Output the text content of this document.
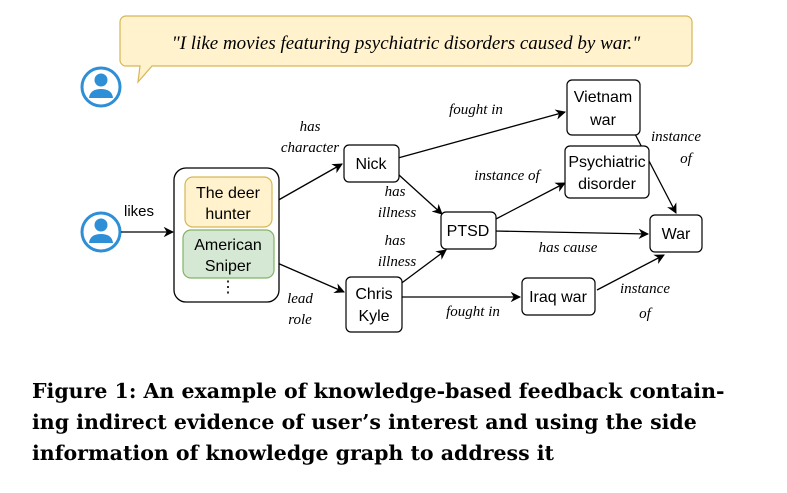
"I like movies featuring psychiatric disorders caused by war."
The deer
hunter
American
Sniper
⋮
Nick
Chris
Kyle
PTSD
Vietnam
war
Psychiatric
disorder
War
Iraq war
likes
has
character
lead
role
fought in
instance
of
instance of
has
illness
has
illness
has cause
fought in
instance
of

Figure 1: An example of knowledge-based feedback contain-
ing indirect evidence of user’s interest and using the side
information of knowledge graph to address it
